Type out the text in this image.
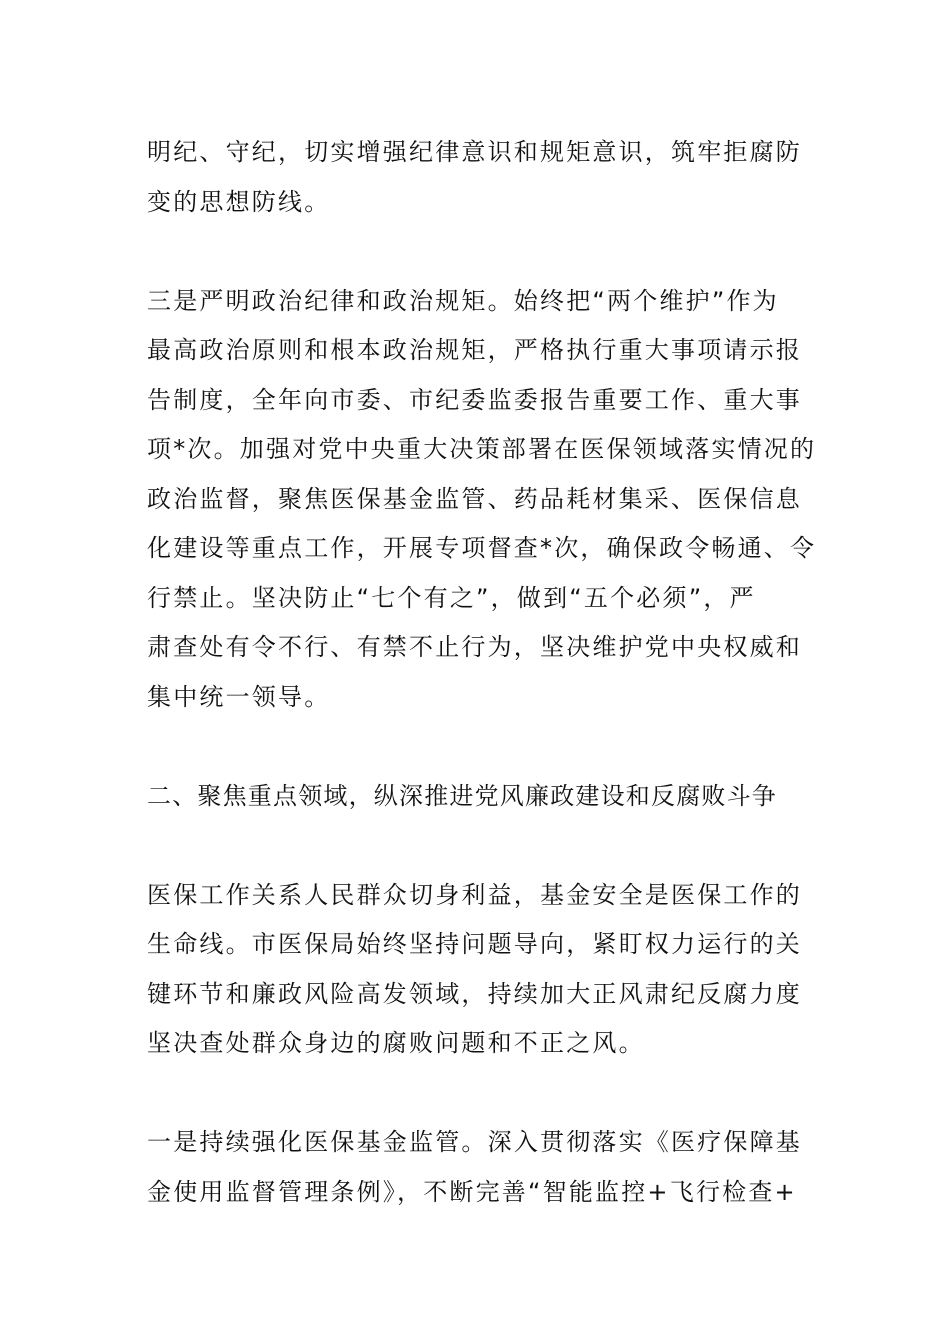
明纪、守纪，切实增强纪律意识和规矩意识，筑牢拒腐防
变的思想防线。
三是严明政治纪律和政治规矩。始终把“两个维护”作为
最高政治原则和根本政治规矩，严格执行重大事项请示报
告制度，全年向市委、市纪委监委报告重要工作、重大事
项*次。加强对党中央重大决策部署在医保领域落实情况的
政治监督，聚焦医保基金监管、药品耗材集采、医保信息
化建设等重点工作，开展专项督查*次，确保政令畅通、令
行禁止。坚决防止“七个有之”，做到“五个必须”，严
肃查处有令不行、有禁不止行为，坚决维护党中央权威和
集中统一领导。
二、聚焦重点领域，纵深推进党风廉政建设和反腐败斗争
医保工作关系人民群众切身利益，基金安全是医保工作的
生命线。市医保局始终坚持问题导向，紧盯权力运行的关
键环节和廉政风险高发领域，持续加大正风肃纪反腐力度
坚决查处群众身边的腐败问题和不正之风。
一是持续强化医保基金监管。深入贯彻落实《医疗保障基
金使用监督管理条例》，不断完善“智能监控+飞行检查+
